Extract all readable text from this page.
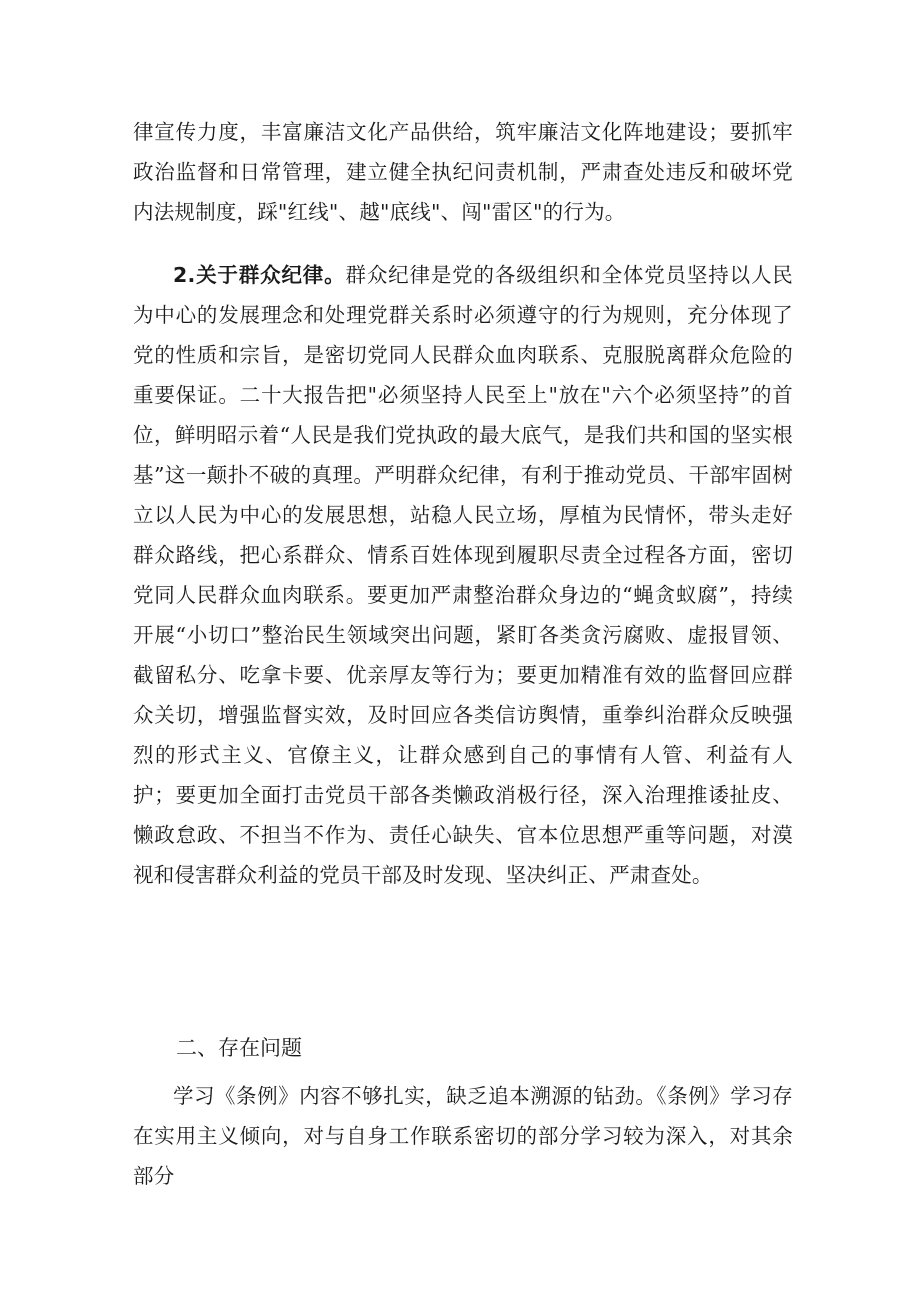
律宣传力度，丰富廉洁文化产品供给，筑牢廉洁文化阵地建设；要抓牢政治监督和日常管理，建立健全执纪问责机制，严肃查处违反和破坏党内法规制度，踩"红线"、越"底线"、闯"雷区"的行为。

2.关于群众纪律。群众纪律是党的各级组织和全体党员坚持以人民为中心的发展理念和处理党群关系时必须遵守的行为规则，充分体现了党的性质和宗旨，是密切党同人民群众血肉联系、克服脱离群众危险的重要保证。二十大报告把"必须坚持人民至上"放在"六个必须坚持”的首位，鲜明昭示着“人民是我们党执政的最大底气，是我们共和国的坚实根基”这一颠扑不破的真理。严明群众纪律，有利于推动党员、干部牢固树立以人民为中心的发展思想，站稳人民立场，厚植为民情怀，带头走好群众路线，把心系群众、情系百姓体现到履职尽责全过程各方面，密切党同人民群众血肉联系。要更加严肃整治群众身边的“蝇贪蚁腐”，持续开展“小切口”整治民生领域突出问题，紧盯各类贪污腐败、虚报冒领、截留私分、吃拿卡要、优亲厚友等行为；要更加精准有效的监督回应群众关切，增强监督实效，及时回应各类信访舆情，重拳纠治群众反映强烈的形式主义、官僚主义，让群众感到自己的事情有人管、利益有人护；要更加全面打击党员干部各类懒政消极行径，深入治理推诿扯皮、懒政怠政、不担当不作为、责任心缺失、官本位思想严重等问题，对漠视和侵害群众利益的党员干部及时发现、坚决纠正、严肃查处。

二、存在问题

学习《条例》内容不够扎实，缺乏追本溯源的钻劲。《条例》学习存在实用主义倾向，对与自身工作联系密切的部分学习较为深入，对其余部分
